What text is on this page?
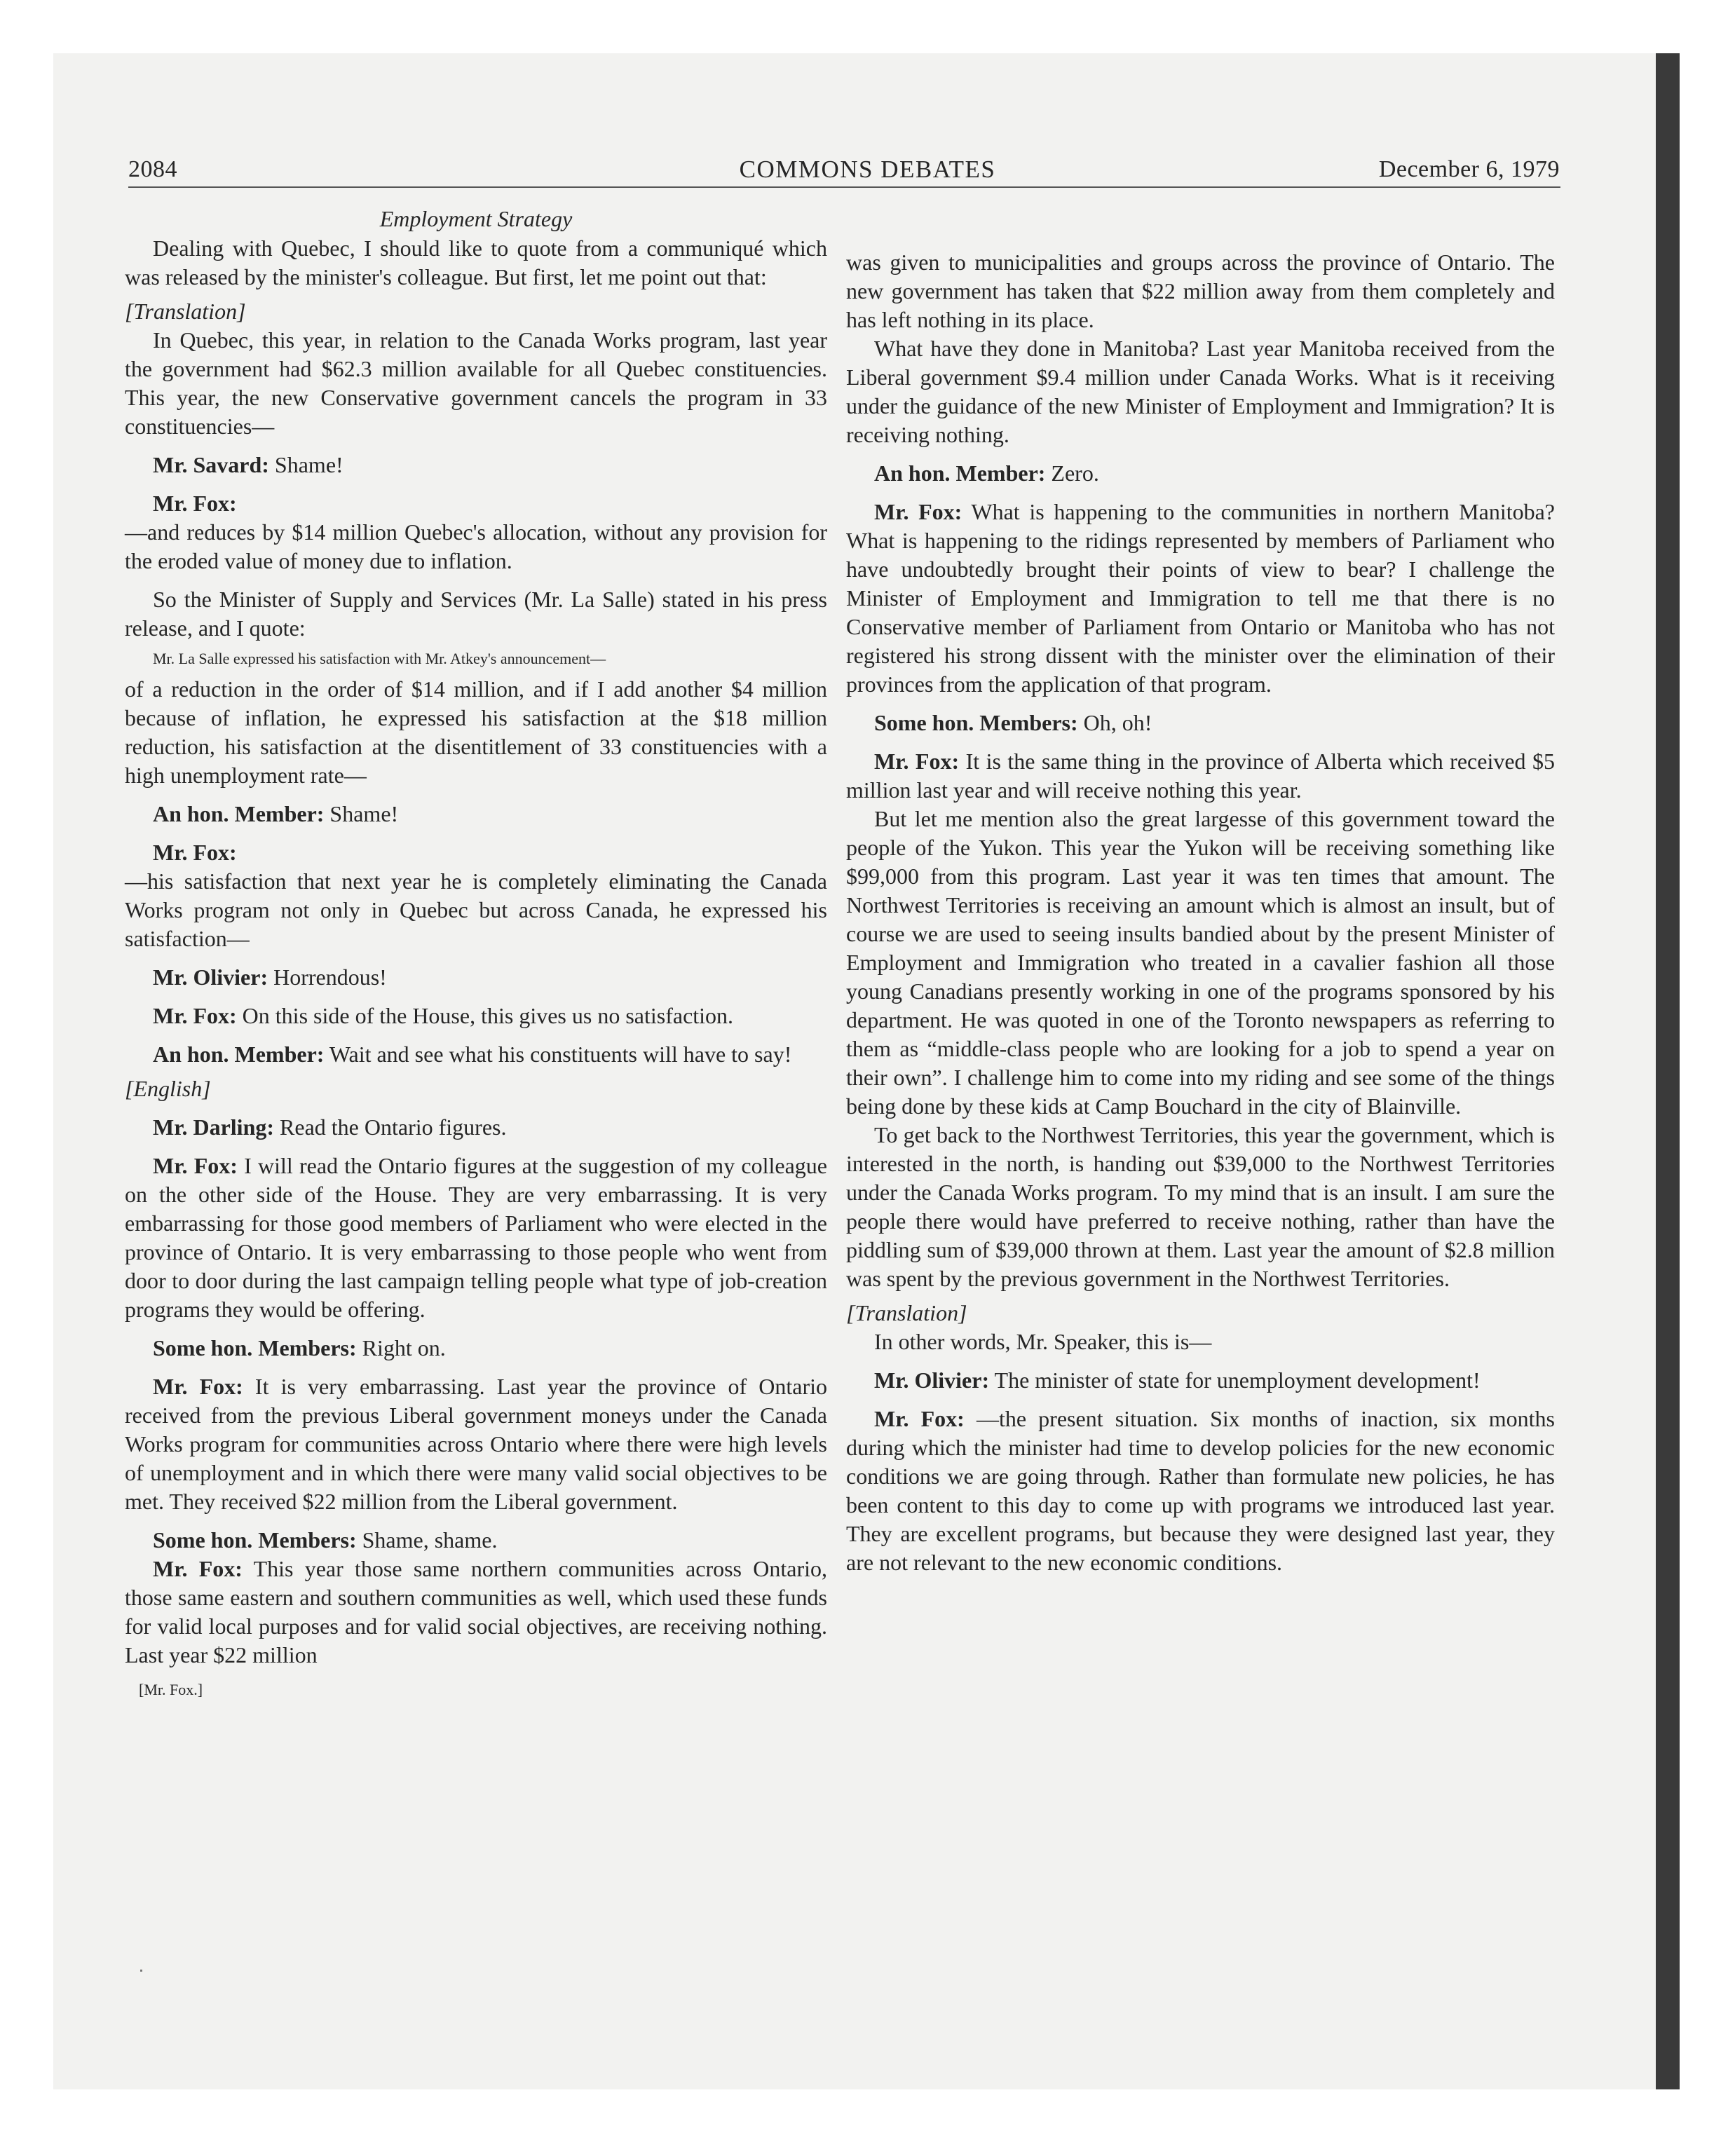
2084	COMMONS DEBATES	December 6, 1979

Employment Strategy

Dealing with Quebec, I should like to quote from a communiqué which was released by the minister's colleague. But first, let me point out that:

[Translation]

In Quebec, this year, in relation to the Canada Works program, last year the government had $62.3 million available for all Quebec constituencies. This year, the new Conservative government cancels the program in 33 constituencies—

Mr. Savard: Shame!

Mr. Fox:

—and reduces by $14 million Quebec's allocation, without any provision for the eroded value of money due to inflation.

So the Minister of Supply and Services (Mr. La Salle) stated in his press release, and I quote:

Mr. La Salle expressed his satisfaction with Mr. Atkey's announcement—

of a reduction in the order of $14 million, and if I add another $4 million because of inflation, he expressed his satisfaction at the $18 million reduction, his satisfaction at the disentitlement of 33 constituencies with a high unemployment rate—

An hon. Member: Shame!

Mr. Fox:

—his satisfaction that next year he is completely eliminating the Canada Works program not only in Quebec but across Canada, he expressed his satisfaction—

Mr. Olivier: Horrendous!

Mr. Fox: On this side of the House, this gives us no satisfaction.

An hon. Member: Wait and see what his constituents will have to say!

[English]

Mr. Darling: Read the Ontario figures.

Mr. Fox: I will read the Ontario figures at the suggestion of my colleague on the other side of the House. They are very embarrassing. It is very embarrassing for those good members of Parliament who were elected in the province of Ontario. It is very embarrassing to those people who went from door to door during the last campaign telling people what type of job-creation programs they would be offering.

Some hon. Members: Right on.

Mr. Fox: It is very embarrassing. Last year the province of Ontario received from the previous Liberal government moneys under the Canada Works program for communities across Ontario where there were high levels of unemployment and in which there were many valid social objectives to be met. They received $22 million from the Liberal government.

Some hon. Members: Shame, shame.

Mr. Fox: This year those same northern communities across Ontario, those same eastern and southern communities as well, which used these funds for valid local purposes and for valid social objectives, are receiving nothing. Last year $22 million

[Mr. Fox.]

was given to municipalities and groups across the province of Ontario. The new government has taken that $22 million away from them completely and has left nothing in its place.

What have they done in Manitoba? Last year Manitoba received from the Liberal government $9.4 million under Canada Works. What is it receiving under the guidance of the new Minister of Employment and Immigration? It is receiving nothing.

An hon. Member: Zero.

Mr. Fox: What is happening to the communities in northern Manitoba? What is happening to the ridings represented by members of Parliament who have undoubtedly brought their points of view to bear? I challenge the Minister of Employment and Immigration to tell me that there is no Conservative member of Parliament from Ontario or Manitoba who has not registered his strong dissent with the minister over the elimination of their provinces from the application of that program.

Some hon. Members: Oh, oh!

Mr. Fox: It is the same thing in the province of Alberta which received $5 million last year and will receive nothing this year.

But let me mention also the great largesse of this government toward the people of the Yukon. This year the Yukon will be receiving something like $99,000 from this program. Last year it was ten times that amount. The Northwest Territories is receiving an amount which is almost an insult, but of course we are used to seeing insults bandied about by the present Minister of Employment and Immigration who treated in a cavalier fashion all those young Canadians presently working in one of the programs sponsored by his department. He was quoted in one of the Toronto newspapers as referring to them as “middle-class people who are looking for a job to spend a year on their own”. I challenge him to come into my riding and see some of the things being done by these kids at Camp Bouchard in the city of Blainville.

To get back to the Northwest Territories, this year the government, which is interested in the north, is handing out $39,000 to the Northwest Territories under the Canada Works program. To my mind that is an insult. I am sure the people there would have preferred to receive nothing, rather than have the piddling sum of $39,000 thrown at them. Last year the amount of $2.8 million was spent by the previous government in the Northwest Territories.

[Translation]

In other words, Mr. Speaker, this is—

Mr. Olivier: The minister of state for unemployment development!

Mr. Fox: —the present situation. Six months of inaction, six months during which the minister had time to develop policies for the new economic conditions we are going through. Rather than formulate new policies, he has been content to this day to come up with programs we introduced last year. They are excellent programs, but because they were designed last year, they are not relevant to the new economic conditions.
